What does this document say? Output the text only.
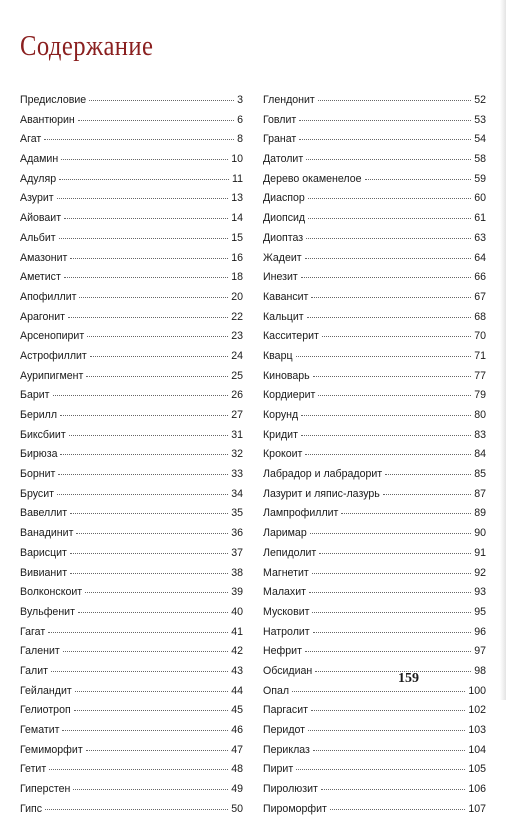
Содержание
Предисловие	3
Авантюрин	6
Агат	8
Адамин	10
Адуляр	11
Азурит	13
Айоваит	14
Альбит	15
Амазонит	16
Аметист	18
Апофиллит	20
Арагонит	22
Арсенопирит	23
Астрофиллит	24
Аурипигмент	25
Барит	26
Берилл	27
Биксбиит	31
Бирюза	32
Борнит	33
Брусит	34
Вавеллит	35
Ванадинит	36
Варисцит	37
Вивианит	38
Волконскоит	39
Вульфенит	40
Гагат	41
Галенит	42
Галит	43
Гейландит	44
Гелиотроп	45
Гематит	46
Гемиморфит	47
Гетит	48
Гиперстен	49
Гипс	50
Глендонит	52
Говлит	53
Гранат	54
Датолит	58
Дерево окаменелое	59
Диаспор	60
Диопсид	61
Диоптаз	63
Жадеит	64
Инезит	66
Кавансит	67
Кальцит	68
Касситерит	70
Кварц	71
Киноварь	77
Кордиерит	79
Корунд	80
Кридит	83
Крокоит	84
Лабрадор и лабрадорит	85
Лазурит и ляпис-лазурь	87
Лампрофиллит	89
Ларимар	90
Лепидолит	91
Магнетит	92
Малахит	93
Мусковит	95
Натролит	96
Нефрит	97
Обсидиан	98
Опал	100
Паргасит	102
Перидот	103
Периклаз	104
Пирит	105
Пиролюзит	106
Пироморфит	107
159
